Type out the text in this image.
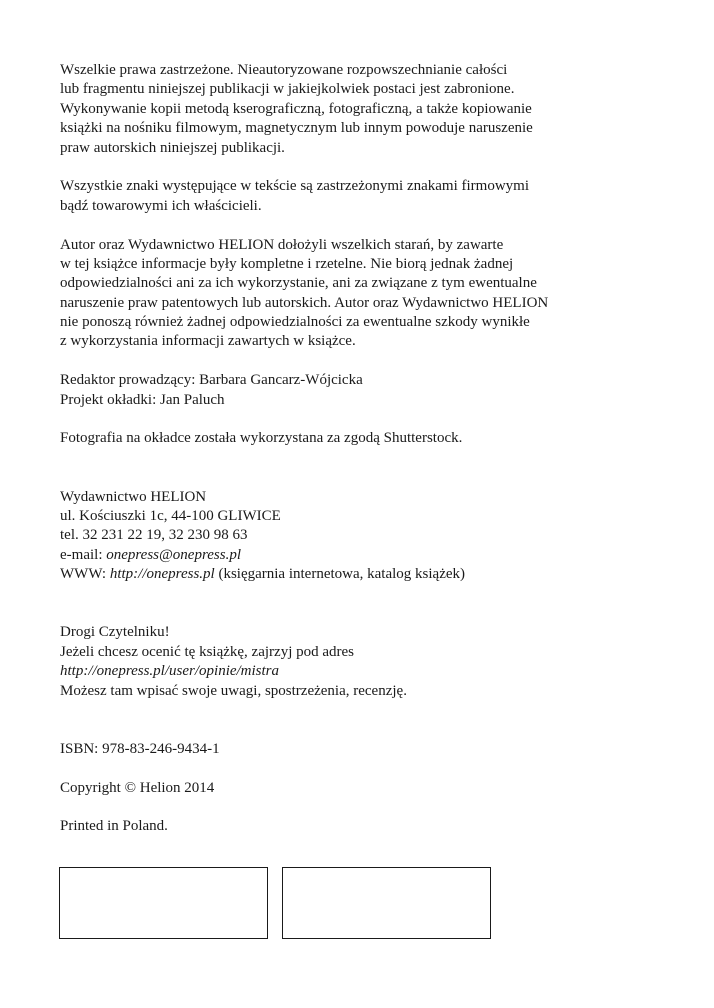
Wszelkie prawa zastrzeżone. Nieautoryzowane rozpowszechnianie całości
lub fragmentu niniejszej publikacji w jakiejkolwiek postaci jest zabronione.
Wykonywanie kopii metodą kserograficzną, fotograficzną, a także kopiowanie
książki na nośniku filmowym, magnetycznym lub innym powoduje naruszenie
praw autorskich niniejszej publikacji.
Wszystkie znaki występujące w tekście są zastrzeżonymi znakami firmowymi
bądź towarowymi ich właścicieli.
Autor oraz Wydawnictwo HELION dołożyli wszelkich starań, by zawarte
w tej książce informacje były kompletne i rzetelne. Nie biorą jednak żadnej
odpowiedzialności ani za ich wykorzystanie, ani za związane z tym ewentualne
naruszenie praw patentowych lub autorskich. Autor oraz Wydawnictwo HELION
nie ponoszą również żadnej odpowiedzialności za ewentualne szkody wynikłe
z wykorzystania informacji zawartych w książce.
Redaktor prowadzący: Barbara Gancarz-Wójcicka
Projekt okładki: Jan Paluch
Fotografia na okładce została wykorzystana za zgodą Shutterstock.
Wydawnictwo HELION
ul. Kościuszki 1c, 44-100 GLIWICE
tel. 32 231 22 19, 32 230 98 63
e-mail: onepress@onepress.pl
WWW: http://onepress.pl (księgarnia internetowa, katalog książek)
Drogi Czytelniku!
Jeżeli chcesz ocenić tę książkę, zajrzyj pod adres
http://onepress.pl/user/opinie/mistra
Możesz tam wpisać swoje uwagi, spostrzeżenia, recenzję.
ISBN: 978-83-246-9434-1
Copyright © Helion 2014
Printed in Poland.
